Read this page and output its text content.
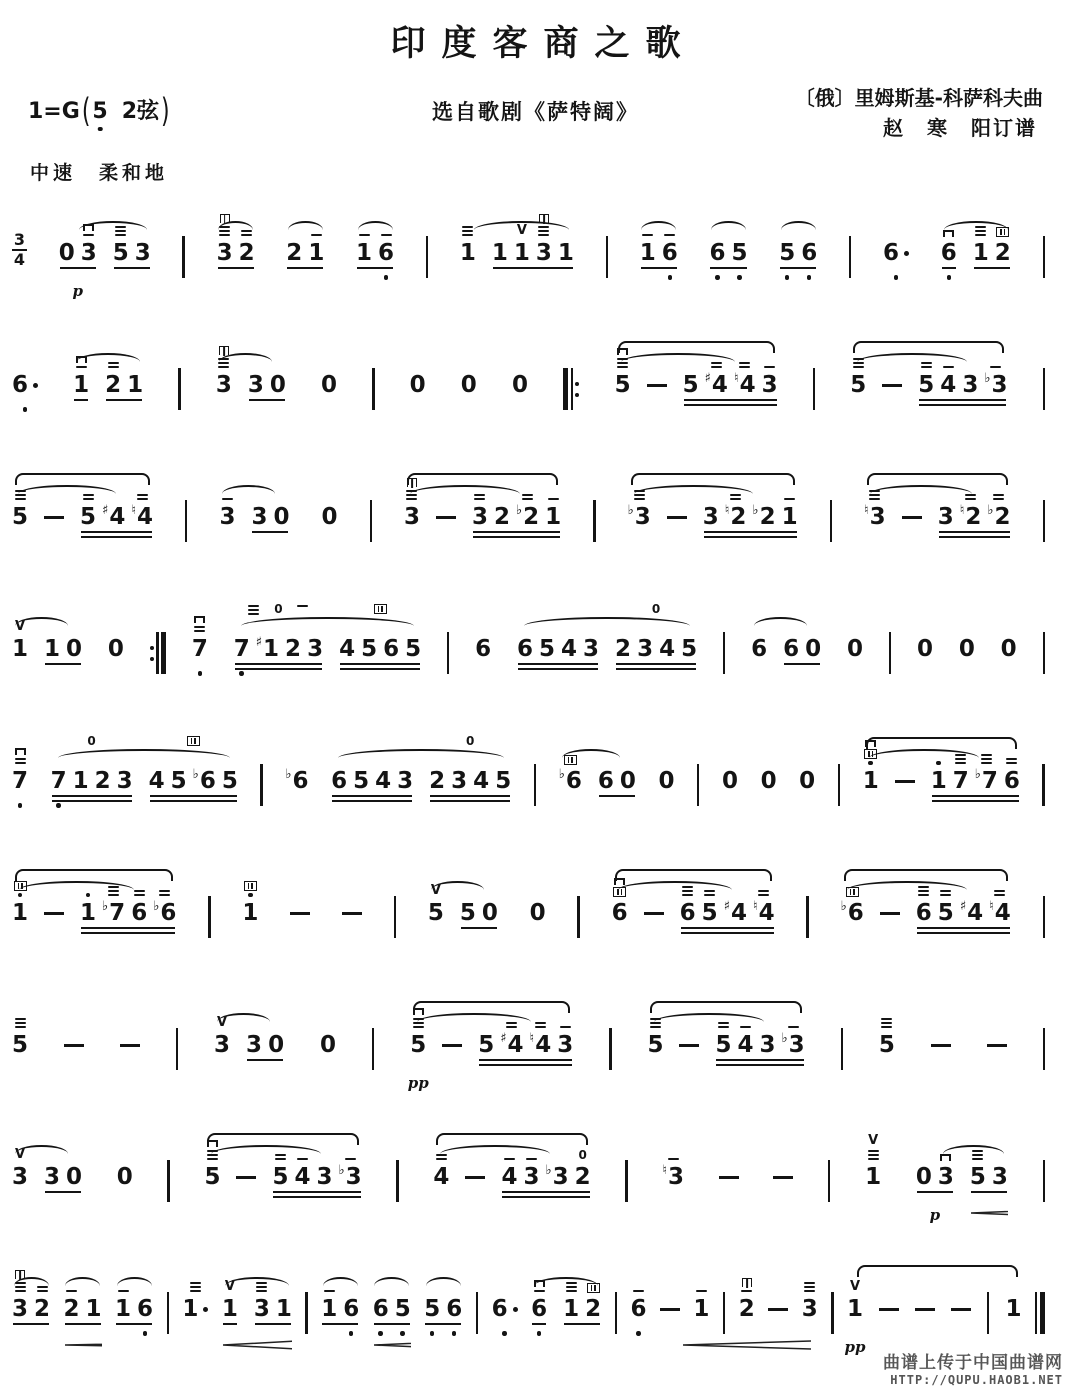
印度客商之歌
1=G(5 2弦)	选自歌剧《萨特阔》
〔俄〕里姆斯基-科萨科夫曲
赵　寒　阳订谱
中速　柔和地
3
4 0 3
p
5 3	3 2 2 1 1 6	1 1
V
1 3 1	1 6 6 5 5 6	6 6 1 2
6 1 2 1	3 3 0 0	0 0 0	5 5 ♯ 4 ♮ 4 3	5 5 4 3 ♭ 3
5 5 ♯ 4 ♮ 4	3 3 0 0	3 3 2 ♭ 2 1	♭ 3 3 ♮ 2 ♭ 2 1	♮ 3 3 ♮ 2 ♭ 2
V
1 1 0 0	7 7 ♯ 1 2 3
0
4 5 6 5 6 6 5 4 3 2 3 4 5
0
6 6 0 0 0 0 0
7 7 1 2 3
0
4 5 ♭ 6 5	♭ 6 6 5 4 3 2 3 4 5
0
♭ 6 6 0 0 0 0 0 1 1 7 ♭ 7 6
1 1 ♭ 7 6 ♭ 6	1
V
5 5 0 0	6 6 5 ♯ 4 ♮ 4	♭ 6 6 5 ♯ 4 ♮ 4
5
V
3 3 0 0	5
pp
5 ♯ 4 ♮ 4 3	5 5 4 3 ♭ 3	5
V
3 3 0 0	5 5 4 3 ♭ 3	4 4 3 ♭ 3
0
2	♮ 3
V
1 0 3
p
5 3
3 2 2 1 1 6 1
V
1 3 1 1 6 6 5 5 6 6 6 1 2 6 1 2 3
V
1
pp
1
曲谱上传于中国曲谱网
HTTP://QUPU.HAOB1.NET
